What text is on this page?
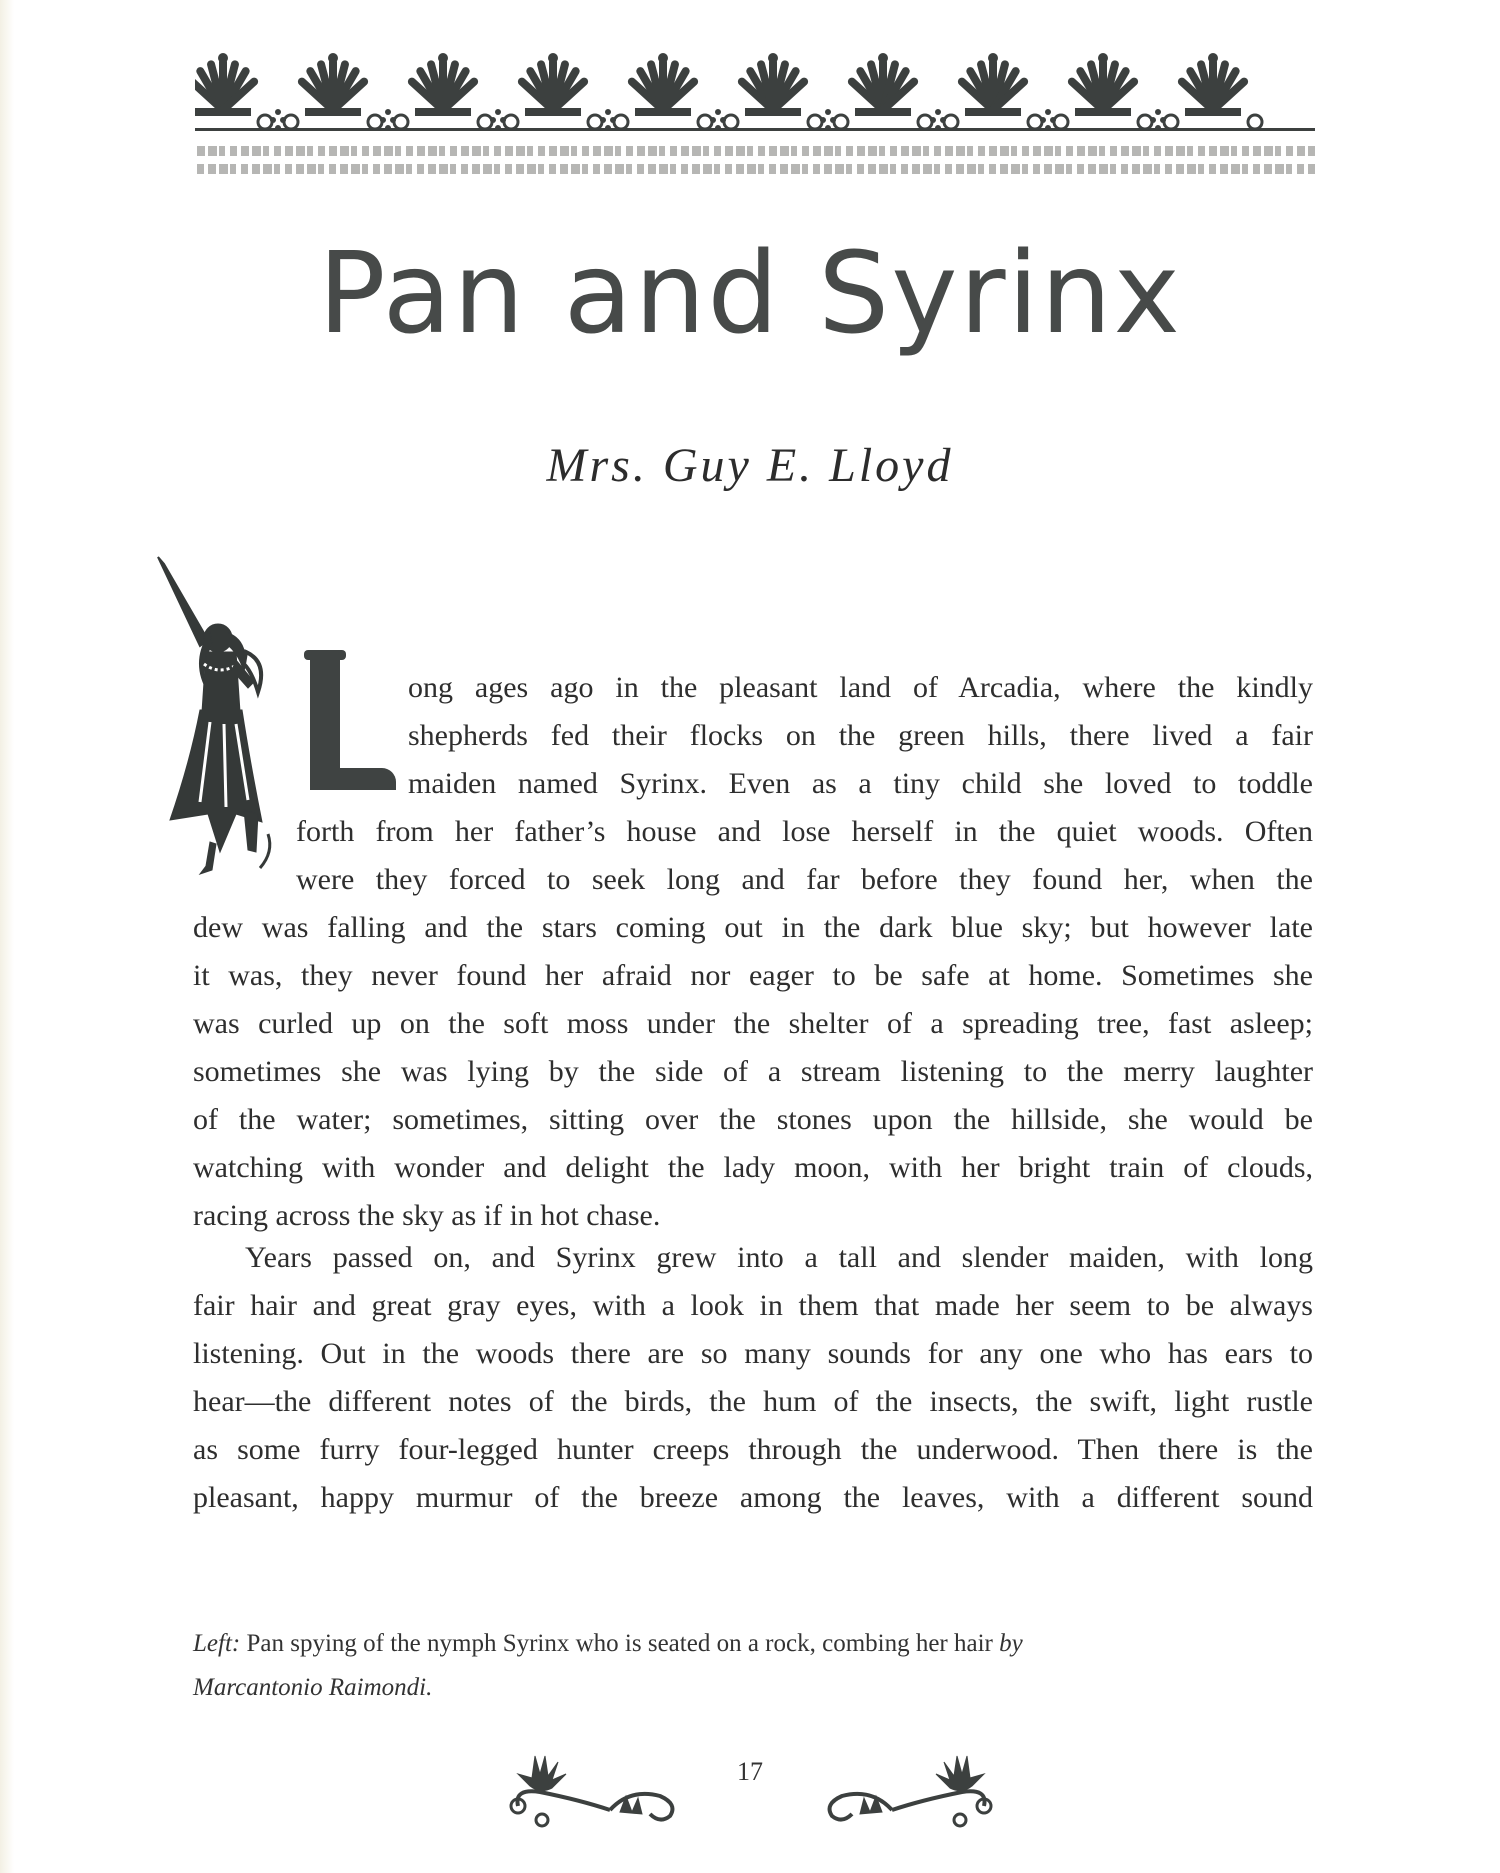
Pan and Syrinx
Mrs. Guy E. Lloyd
ong ages ago in the pleasant land of Arcadia, where the kindly
shepherds fed their flocks on the green hills, there lived a fair
maiden named Syrinx. Even as a tiny child she loved to toddle
forth from her father’s house and lose herself in the quiet woods. Often
were they forced to seek long and far before they found her, when the
dew was falling and the stars coming out in the dark blue sky; but however late
it was, they never found her afraid nor eager to be safe at home. Sometimes she
was curled up on the soft moss under the shelter of a spreading tree, fast asleep;
sometimes she was lying by the side of a stream listening to the merry laughter
of the water; sometimes, sitting over the stones upon the hillside, she would be
watching with wonder and delight the lady moon, with her bright train of clouds,
racing across the sky as if in hot chase.
Years passed on, and Syrinx grew into a tall and slender maiden, with long
fair hair and great gray eyes, with a look in them that made her seem to be always
listening. Out in the woods there are so many sounds for any one who has ears to
hear—the different notes of the birds, the hum of the insects, the swift, light rustle
as some furry four-legged hunter creeps through the underwood. Then there is the
pleasant, happy murmur of the breeze among the leaves, with a different sound
Left: Pan spying of the nymph Syrinx who is seated on a rock, combing her hair by
Marcantonio Raimondi.
17
